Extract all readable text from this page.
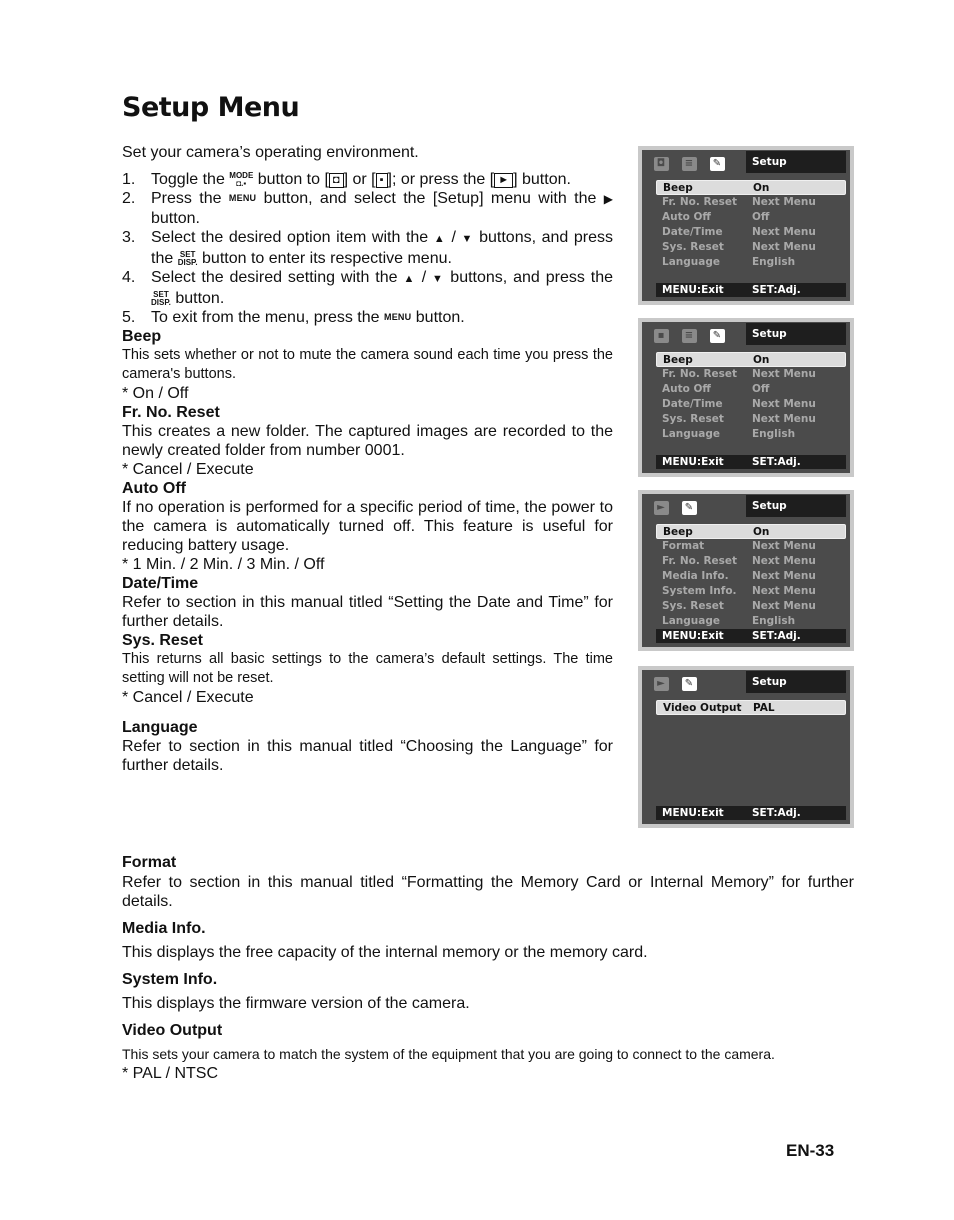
Setup Menu

Set your camera’s operating environment.

1. Toggle the MODE
◘.▪ button to [ ◘ ] or [ ▪ ]; or press the [ ► ] button.
2. Press the MENU button, and select the [Setup] menu with the ▶ button.
3. Select the desired option item with the ▲ / ▼ buttons, and press the SET
DISP. button to enter its respective menu.
4. Select the desired setting with the ▲ / ▼ buttons, and press the SET
DISP. button.
5. To exit from the menu, press the MENU button.

Beep

This sets whether or not to mute the camera sound each time you press the camera's buttons.

* On / Off

Fr. No. Reset

This creates a new folder. The captured images are recorded to the newly created folder from number 0001.

* Cancel / Execute

Auto Off

If no operation is performed for a specific period of time, the power to the camera is automatically turned off. This feature is useful for reducing battery usage.

* 1 Min. / 2 Min. / 3 Min. / Off

Date/Time

Refer to section in this manual titled “Setting the Date and Time” for further details.

Sys. Reset

This returns all basic settings to the camera’s default settings. The time setting will not be reset.

* Cancel / Execute

Language

Refer to section in this manual titled “Choosing the Language” for further details.

Format

Refer to section in this manual titled “Formatting the Memory Card or Internal Memory” for further details.

Media Info.

This displays the free capacity of the internal memory or the memory card.

System Info.

This displays the firmware version of the camera.

Video Output

This sets your camera to match the system of the equipment that you are going to connect to the camera.

* PAL / NTSC

EN-33
◘	≡	✎	Setup
Beep	On
Fr. No. Reset Next Menu
Auto Off	Off
Date/Time	Next Menu
Sys. Reset	Next Menu
Language	English
MENU:Exit	SET:Adj.
▪	≡	✎	Setup
Beep	On
Fr. No. Reset Next Menu
Auto Off	Off
Date/Time	Next Menu
Sys. Reset	Next Menu
Language	English
MENU:Exit	SET:Adj.
►	✎	Setup
Beep	On
Format	Next Menu
Fr. No. Reset Next Menu
Media Info. Next Menu
System Info. Next Menu
Sys. Reset	Next Menu
Language	English
MENU:Exit	SET:Adj.
►	✎	Setup
Video Output PAL
MENU:Exit	SET:Adj.
